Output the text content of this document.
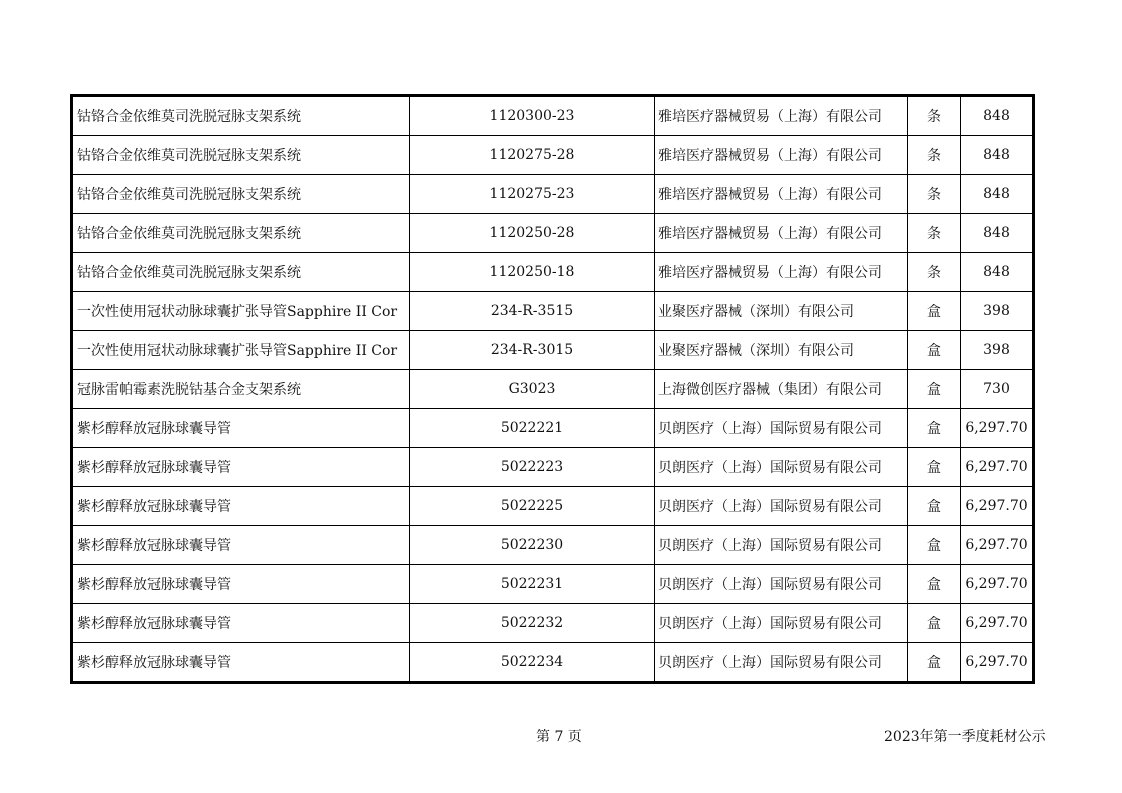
钴铬合金依维莫司洗脱冠脉支架系统	1120300-23	雅培医疗器械贸易（上海）有限公司	条	848
钴铬合金依维莫司洗脱冠脉支架系统	1120275-28	雅培医疗器械贸易（上海）有限公司	条	848
钴铬合金依维莫司洗脱冠脉支架系统	1120275-23	雅培医疗器械贸易（上海）有限公司	条	848
钴铬合金依维莫司洗脱冠脉支架系统	1120250-28	雅培医疗器械贸易（上海）有限公司	条	848
钴铬合金依维莫司洗脱冠脉支架系统	1120250-18	雅培医疗器械贸易（上海）有限公司	条	848
一次性使用冠状动脉球囊扩张导管Sapphire II Cor	234-R-3515	业聚医疗器械（深圳）有限公司	盒	398
一次性使用冠状动脉球囊扩张导管Sapphire II Cor	234-R-3015	业聚医疗器械（深圳）有限公司	盒	398
冠脉雷帕霉素洗脱钴基合金支架系统	G3023	上海微创医疗器械（集团）有限公司	盒	730
紫杉醇释放冠脉球囊导管	5022221	贝朗医疗（上海）国际贸易有限公司	盒	6,297.70
紫杉醇释放冠脉球囊导管	5022223	贝朗医疗（上海）国际贸易有限公司	盒	6,297.70
紫杉醇释放冠脉球囊导管	5022225	贝朗医疗（上海）国际贸易有限公司	盒	6,297.70
紫杉醇释放冠脉球囊导管	5022230	贝朗医疗（上海）国际贸易有限公司	盒	6,297.70
紫杉醇释放冠脉球囊导管	5022231	贝朗医疗（上海）国际贸易有限公司	盒	6,297.70
紫杉醇释放冠脉球囊导管	5022232	贝朗医疗（上海）国际贸易有限公司	盒	6,297.70
紫杉醇释放冠脉球囊导管	5022234	贝朗医疗（上海）国际贸易有限公司	盒	6,297.70
第 7 页	2023年第一季度耗材公示
